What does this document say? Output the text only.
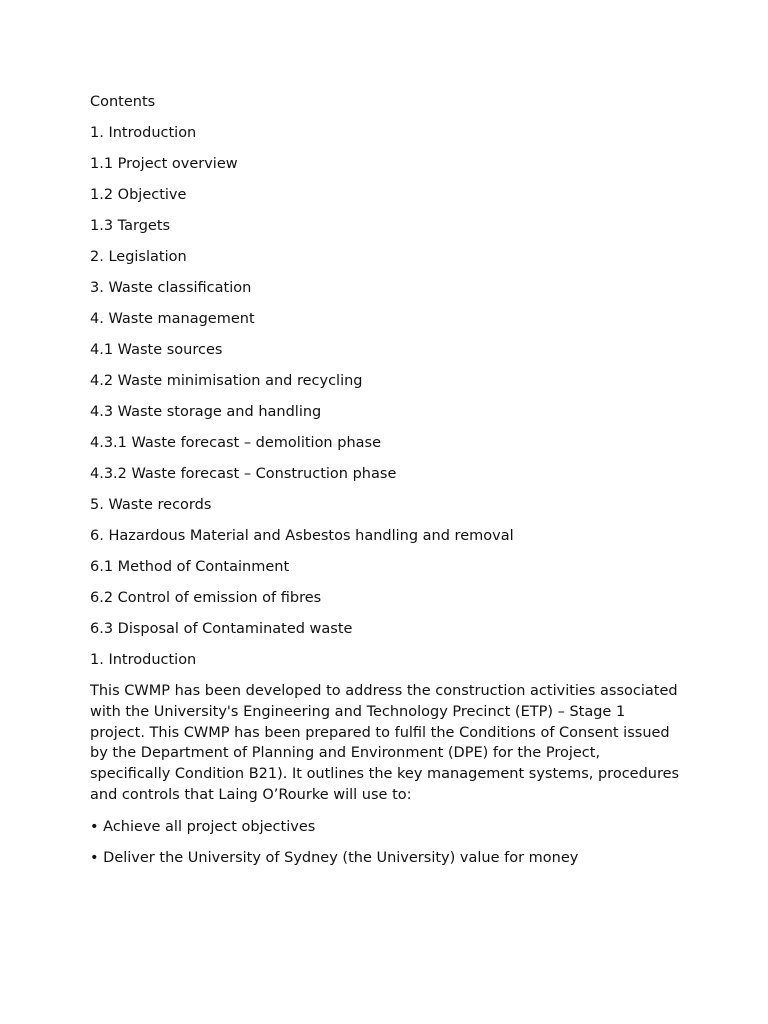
Contents
1. Introduction
1.1 Project overview
1.2 Objective
1.3 Targets
2. Legislation
3. Waste classification
4. Waste management
4.1 Waste sources
4.2 Waste minimisation and recycling
4.3 Waste storage and handling
4.3.1 Waste forecast – demolition phase
4.3.2 Waste forecast – Construction phase
5. Waste records
6. Hazardous Material and Asbestos handling and removal
6.1 Method of Containment
6.2 Control of emission of fibres
6.3 Disposal of Contaminated waste
1. Introduction

This CWMP has been developed to address the construction activities associated with the University's Engineering and Technology Precinct (ETP) – Stage 1 project. This CWMP has been prepared to fulfil the Conditions of Consent issued by the Department of Planning and Environment (DPE) for the Project, specifically Condition B21). It outlines the key management systems, procedures and controls that Laing O’Rourke will use to:

• Achieve all project objectives
• Deliver the University of Sydney (the University) value for money
